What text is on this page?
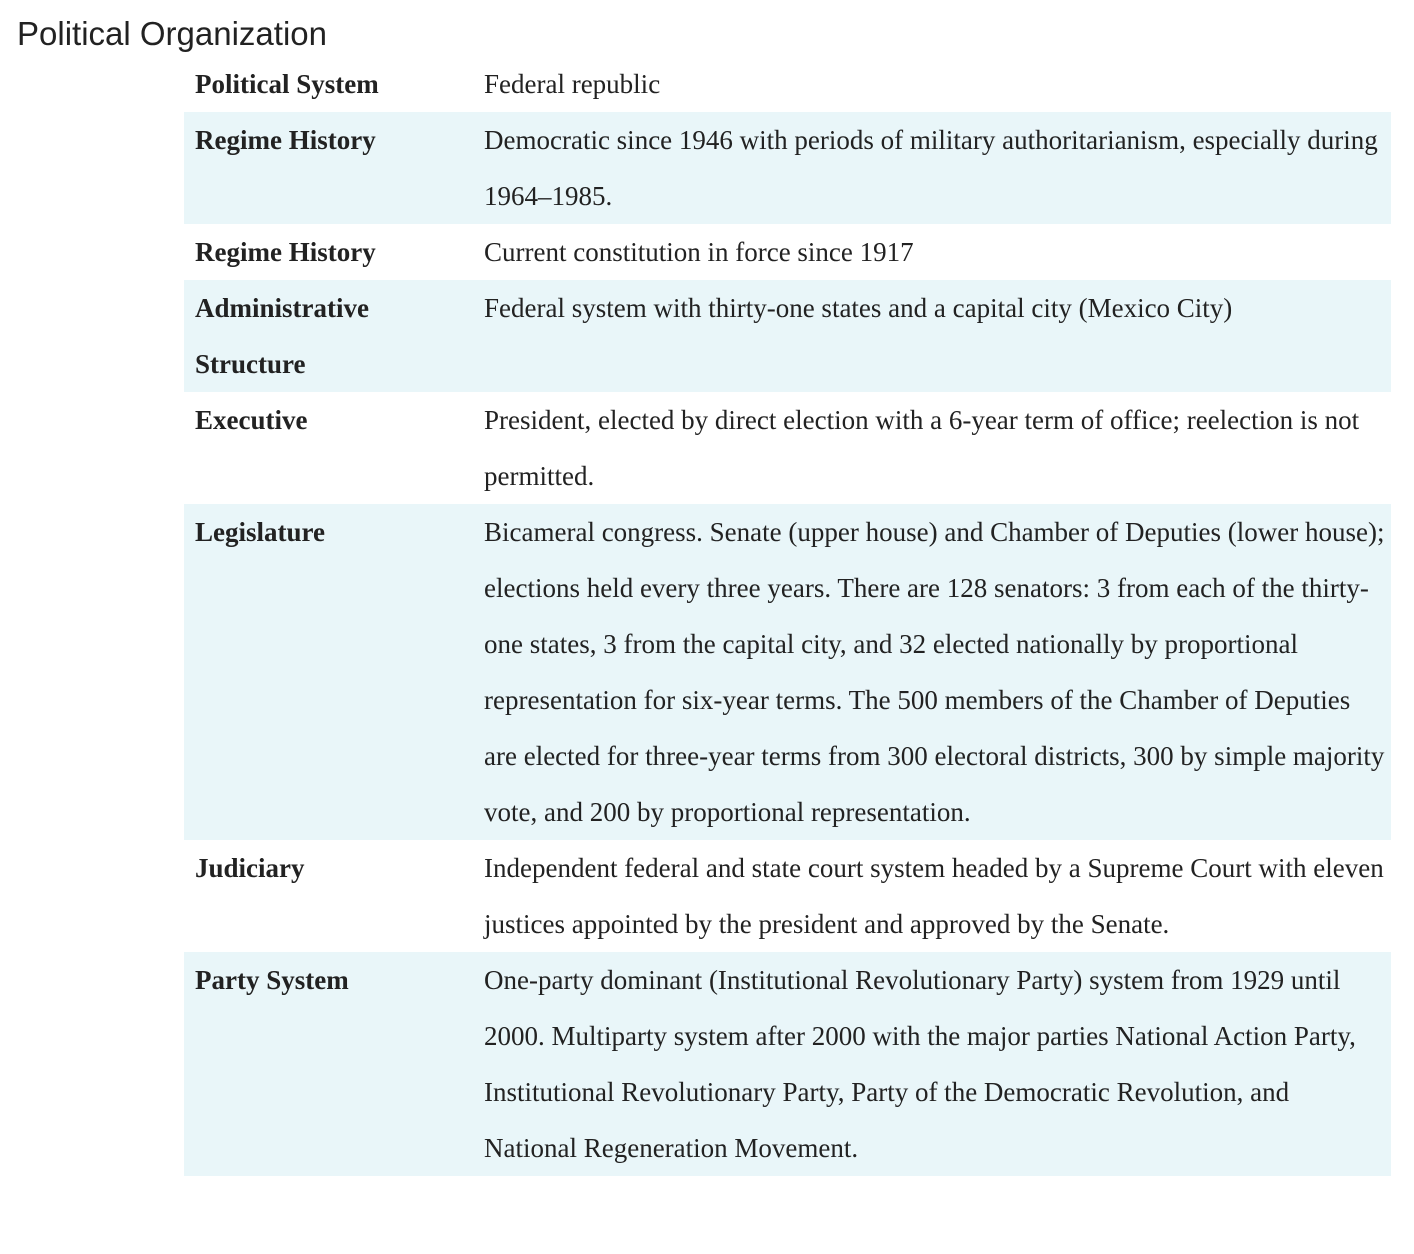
Political Organization
Political System	Federal republic
Regime History	Democratic since 1946 with periods of military authoritarianism, especially during 1964–1985.
Regime History	Current constitution in force since 1917
Administrative Structure	Federal system with thirty-one states and a capital city (Mexico City)
Executive	President, elected by direct election with a 6-year term of office; reelection is not permitted.
Legislature	Bicameral congress. Senate (upper house) and Chamber of Deputies (lower house); elections held every three years. There are 128 senators: 3 from each of the thirty-one states, 3 from the capital city, and 32 elected nationally by proportional representation for six-year terms. The 500 members of the Chamber of Deputies are elected for three-year terms from 300 electoral districts, 300 by simple majority vote, and 200 by proportional representation.
Judiciary	Independent federal and state court system headed by a Supreme Court with eleven justices appointed by the president and approved by the Senate.
Party System	One-party dominant (Institutional Revolutionary Party) system from 1929 until 2000. Multiparty system after 2000 with the major parties National Action Party, Institutional Revolutionary Party, Party of the Democratic Revolution, and National Regeneration Movement.
